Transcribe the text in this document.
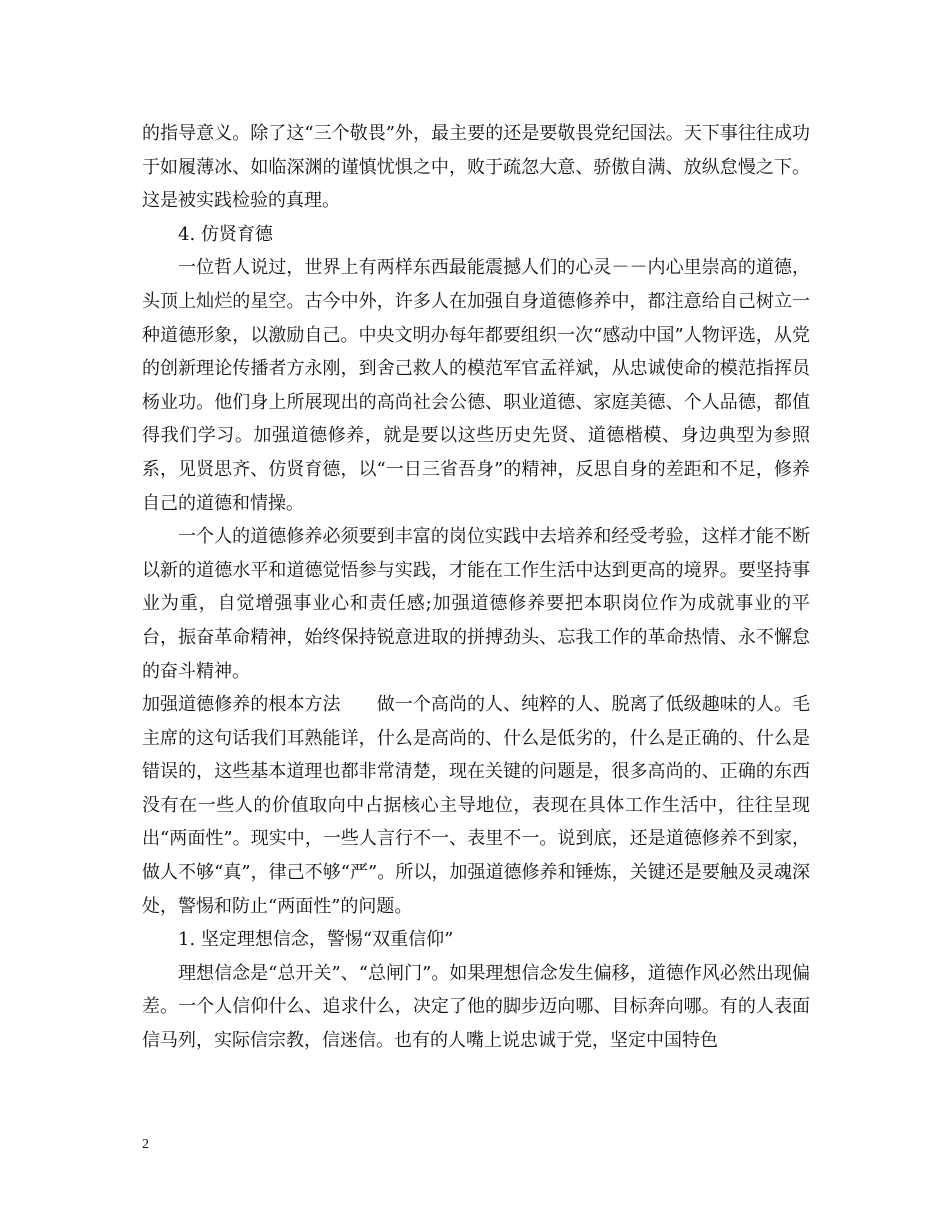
的指导意义。除了这“三个敬畏”外，最主要的还是要敬畏党纪国法。天下事往往成功于如履薄冰、如临深渊的谨慎忧惧之中，败于疏忽大意、骄傲自满、放纵怠慢之下。这是被实践检验的真理。

4. 仿贤育德

一位哲人说过，世界上有两样东西最能震撼人们的心灵－－内心里崇高的道德，头顶上灿烂的星空。古今中外，许多人在加强自身道德修养中，都注意给自己树立一种道德形象，以激励自己。中央文明办每年都要组织一次“感动中国”人物评选，从党的创新理论传播者方永刚，到舍己救人的模范军官孟祥斌，从忠诚使命的模范指挥员杨业功。他们身上所展现出的高尚社会公德、职业道德、家庭美德、个人品德，都值得我们学习。加强道德修养，就是要以这些历史先贤、道德楷模、身边典型为参照系，见贤思齐、仿贤育德，以“一日三省吾身”的精神，反思自身的差距和不足，修养自己的道德和情操。

一个人的道德修养必须要到丰富的岗位实践中去培养和经受考验，这样才能不断以新的道德水平和道德觉悟参与实践，才能在工作生活中达到更高的境界。要坚持事业为重，自觉增强事业心和责任感;加强道德修养要把本职岗位作为成就事业的平台，振奋革命精神，始终保持锐意进取的拼搏劲头、忘我工作的革命热情、永不懈怠的奋斗精神。

加强道德修养的根本方法　　做一个高尚的人、纯粹的人、脱离了低级趣味的人。毛主席的这句话我们耳熟能详，什么是高尚的、什么是低劣的，什么是正确的、什么是错误的，这些基本道理也都非常清楚，现在关键的问题是，很多高尚的、正确的东西没有在一些人的价值取向中占据核心主导地位，表现在具体工作生活中，往往呈现出“两面性”。现实中，一些人言行不一、表里不一。说到底，还是道德修养不到家，做人不够“真”，律己不够“严”。所以，加强道德修养和锤炼，关键还是要触及灵魂深处，警惕和防止“两面性”的问题。

1. 坚定理想信念，警惕“双重信仰”

理想信念是“总开关”、“总闸门”。如果理想信念发生偏移，道德作风必然出现偏差。一个人信仰什么、追求什么，决定了他的脚步迈向哪、目标奔向哪。有的人表面信马列，实际信宗教，信迷信。也有的人嘴上说忠诚于党，坚定中国特色

2
